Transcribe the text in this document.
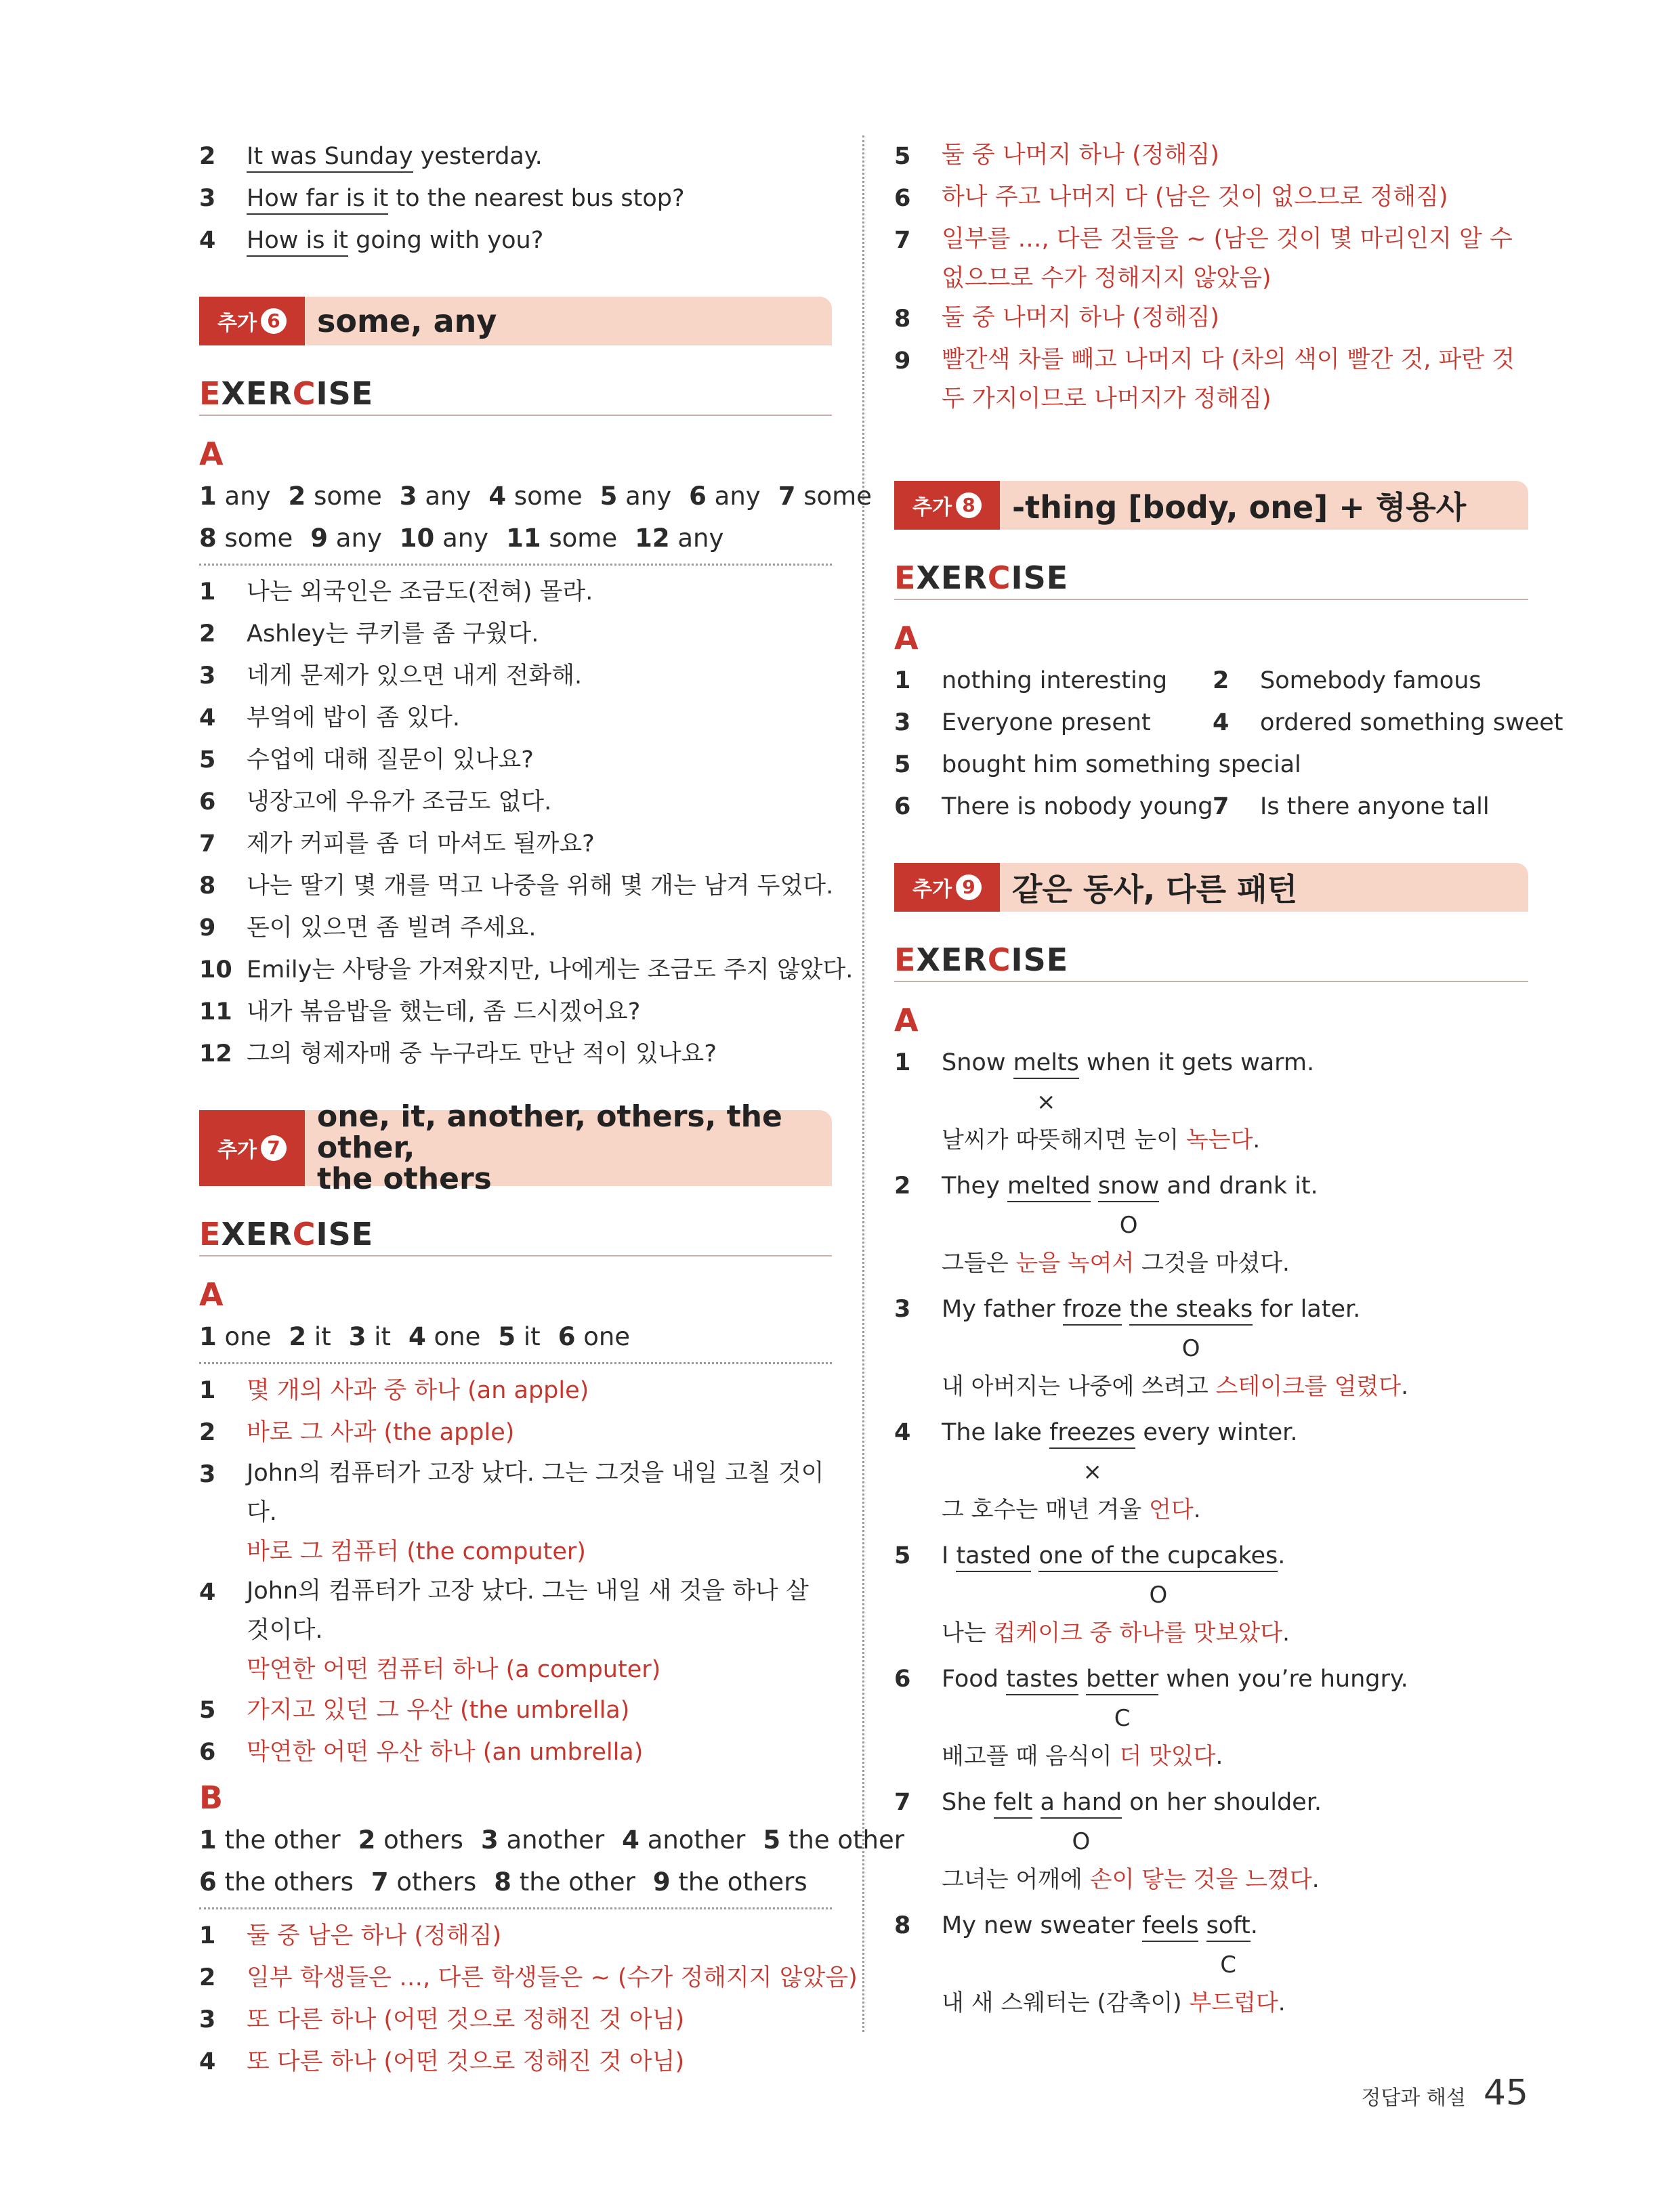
2	It was Sunday yesterday.
3	How far is it to the nearest bus stop?
4	How is it going with you?
추가 6 some, any
EXERCISE
A
1 any 2 some 3 any 4 some 5 any 6 any 7 some
8 some 9 any 10 any 11 some 12 any
1	나는 외국인은 조금도(전혀) 몰라.
2	Ashley는 쿠키를 좀 구웠다.
3	네게 문제가 있으면 내게 전화해.
4	부엌에 밥이 좀 있다.
5	수업에 대해 질문이 있나요?
6	냉장고에 우유가 조금도 없다.
7	제가 커피를 좀 더 마셔도 될까요?
8	나는 딸기 몇 개를 먹고 나중을 위해 몇 개는 남겨 두었다.
9	돈이 있으면 좀 빌려 주세요.
10 Emily는 사탕을 가져왔지만, 나에게는 조금도 주지 않았다.
11 내가 볶음밥을 했는데, 좀 드시겠어요?
12 그의 형제자매 중 누구라도 만난 적이 있나요?
추가 7
one, it, another, others, the other,
the others
EXERCISE
A
1 one 2 it 3 it 4 one 5 it 6 one
1	몇 개의 사과 중 하나 (an apple)
2	바로 그 사과 (the apple)
3	John의 컴퓨터가 고장 났다. 그는 그것을 내일 고칠 것이다.
바로 그 컴퓨터 (the computer)
4	John의 컴퓨터가 고장 났다. 그는 내일 새 것을 하나 살 것이다.
막연한 어떤 컴퓨터 하나 (a computer)
5	가지고 있던 그 우산 (the umbrella)
6	막연한 어떤 우산 하나 (an umbrella)
B
1 the other 2 others 3 another 4 another 5 the other
6 the others 7 others 8 the other 9 the others
1	둘 중 남은 하나 (정해짐)
2	일부 학생들은 …, 다른 학생들은 ~ (수가 정해지지 않았음)
3	또 다른 하나 (어떤 것으로 정해진 것 아님)
4	또 다른 하나 (어떤 것으로 정해진 것 아님)
5	둘 중 나머지 하나 (정해짐)
6	하나 주고 나머지 다 (남은 것이 없으므로 정해짐)
7	일부를 …, 다른 것들을 ~ (남은 것이 몇 마리인지 알 수 없으므로 수가 정해지지 않았음)
8	둘 중 나머지 하나 (정해짐)
9	빨간색 차를 빼고 나머지 다 (차의 색이 빨간 것, 파란 것 두 가지이므로 나머지가 정해짐)
추가 8 -thing [body, one] + 형용사
EXERCISE
A
1	nothing interesting	2	Somebody famous
3	Everyone present	4	ordered something sweet
5	bought him something special
6	There is nobody young 7	Is there anyone tall
추가 9 같은 동사, 다른 패턴
EXERCISE
A
1	Snow melts when it gets warm.
×
날씨가 따뜻해지면 눈이 녹는다.
2	They melted snow and drank it.
O
그들은 눈을 녹여서 그것을 마셨다.
3	My father froze the steaks for later.
O
내 아버지는 나중에 쓰려고 스테이크를 얼렸다.
4	The lake freezes every winter.
×
그 호수는 매년 겨울 언다.
5	I tasted one of the cupcakes.
O
나는 컵케이크 중 하나를 맛보았다.
6	Food tastes better when you’re hungry.
C
배고플 때 음식이 더 맛있다.
7	She felt a hand on her shoulder.
O
그녀는 어깨에 손이 닿는 것을 느꼈다.
8	My new sweater feels soft.
C
내 새 스웨터는 (감촉이) 부드럽다.
정답과 해설 45
